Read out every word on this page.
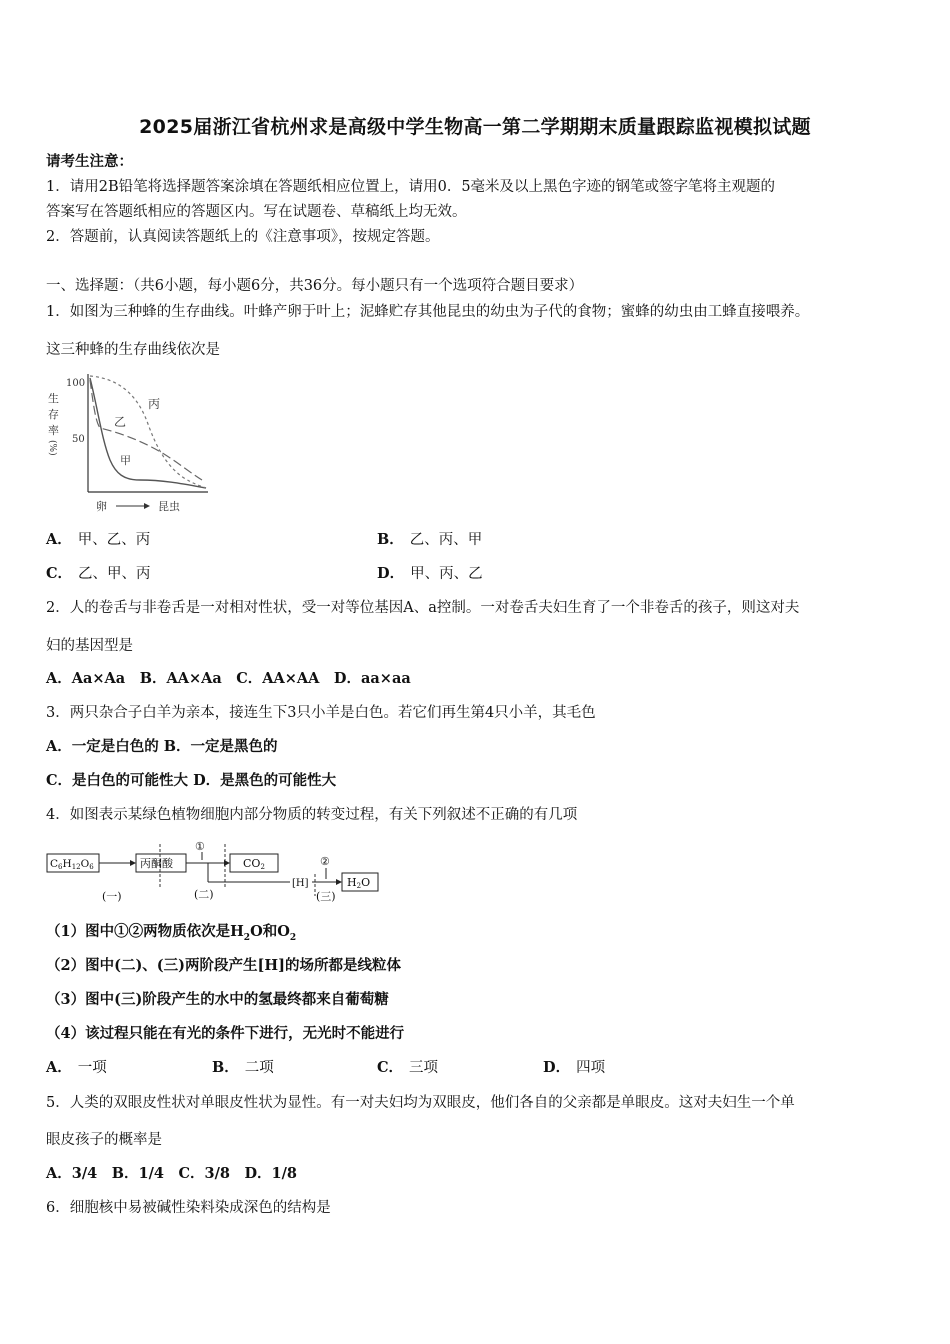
2025届浙江省杭州求是高级中学生物高一第二学期期末质量跟踪监视模拟试题
请考生注意：
1．请用2B铅笔将选择题答案涂填在答题纸相应位置上，请用0．5毫米及以上黑色字迹的钢笔或签字笔将主观题的
答案写在答题纸相应的答题区内。写在试题卷、草稿纸上均无效。
2．答题前，认真阅读答题纸上的《注意事项》，按规定答题。
一、选择题：（共6小题，每小题6分，共36分。每小题只有一个选项符合题目要求）
1．如图为三种蜂的生存曲线。叶蜂产卵于叶上；泥蜂贮存其他昆虫的幼虫为子代的食物；蜜蜂的幼虫由工蜂直接喂养。
这三种蜂的生存曲线依次是
100
50
生
存
率
(%)
甲
乙
丙
卵	昆虫
A． 甲、乙、丙	B． 乙、丙、甲
C． 乙、甲、丙	D． 甲、丙、乙
2．人的卷舌与非卷舌是一对相对性状，受一对等位基因A、a控制。一对卷舌夫妇生育了一个非卷舌的孩子，则这对夫
妇的基因型是
A．Aa×Aa　B．AA×Aa　C．AA×AA　D．aa×aa
3．两只杂合子白羊为亲本，接连生下3只小羊是白色。若它们再生第4只小羊，其毛色
A．一定是白色的 B．一定是黑色的
C．是白色的可能性大 D．是黑色的可能性大
4．如图表示某绿色植物细胞内部分物质的转变过程，有关下列叙述不正确的有几项
C6H12O6	丙酮酸
①
CO2
[H]
②
H2O
(一)	(二)	(三)
（1）图中①②两物质依次是$H_2O$和$O_2$
（2）图中(二)、(三)两阶段产生[H]的场所都是线粒体
（3）图中(三)阶段产生的水中的氢最终都来自葡萄糖
（4）该过程只能在有光的条件下进行，无光时不能进行
A． 一项	B． 二项	C． 三项	D． 四项
5．人类的双眼皮性状对单眼皮性状为显性。有一对夫妇均为双眼皮，他们各自的父亲都是单眼皮。这对夫妇生一个单
眼皮孩子的概率是
A．3/4　B．1/4　C．3/8　D．1/8
6．细胞核中易被碱性染料染成深色的结构是
